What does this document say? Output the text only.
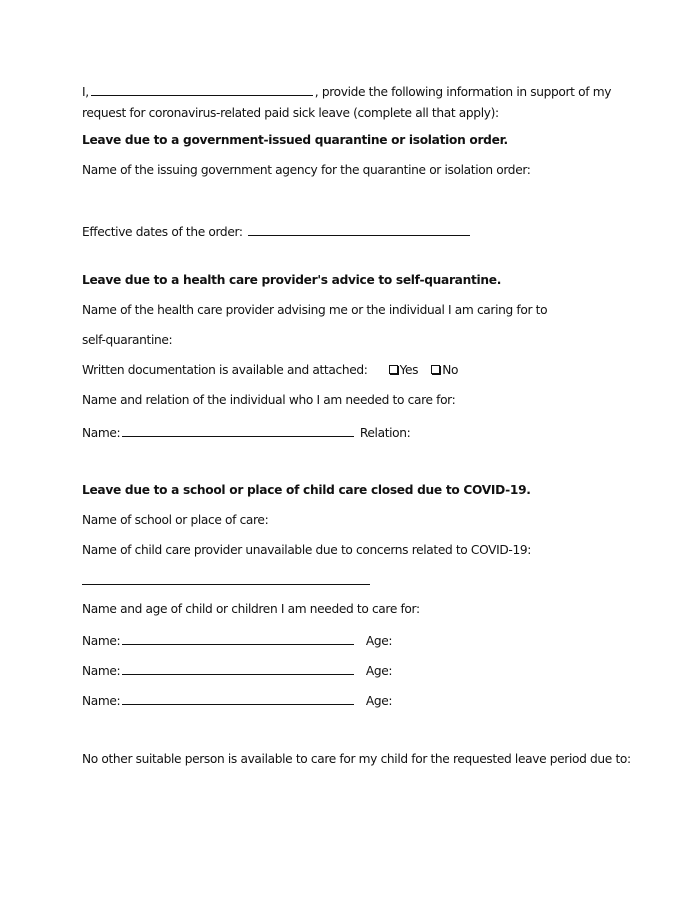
I,	, provide the following information in support of my
request for coronavirus-related paid sick leave (complete all that apply):
Leave due to a government-issued quarantine or isolation order.
Name of the issuing government agency for the quarantine or isolation order:
Effective dates of the order:
Leave due to a health care provider's advice to self-quarantine.
Name of the health care provider advising me or the individual I am caring for to
self-quarantine:
Written documentation is available and attached:	Yes No
Name and relation of the individual who I am needed to care for:
Name:	Relation:
Leave due to a school or place of child care closed due to COVID-19.
Name of school or place of care:
Name of child care provider unavailable due to concerns related to COVID-19:
Name and age of child or children I am needed to care for:
Name:	Age:
Name:	Age:
Name:	Age:
No other suitable person is available to care for my child for the requested leave period due to:
